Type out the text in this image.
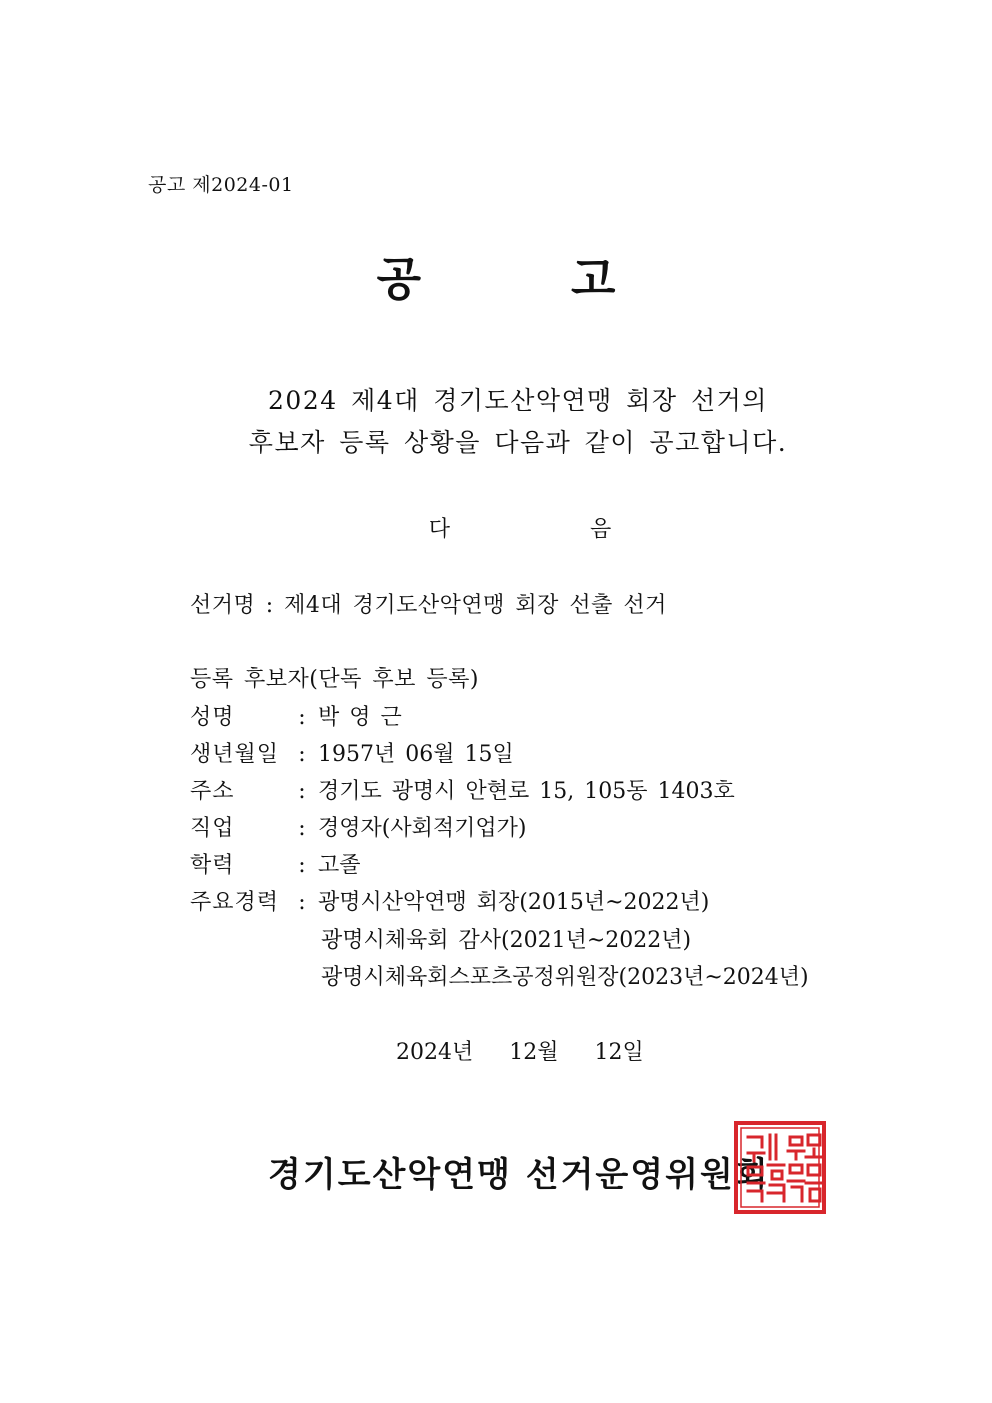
공고 제2024-01
공	고
2024 제4대 경기도산악연맹 회장 선거의
후보자 등록 상황을 다음과 같이 공고합니다.
다	음
선거명 : 제4대 경기도산악연맹 회장 선출 선거
등록 후보자(단독 후보 등록)
성명	: 박 영 근
생년월일 : 1957년 06월 15일
주소	: 경기도 광명시 안현로 15, 105동 1403호
직업	: 경영자(사회적기업가)
학력	: 고졸
주요경력 : 광명시산악연맹 회장(2015년~2022년)
광명시체육회 감사(2021년~2022년)
광명시체육회스포츠공정위원장(2023년~2024년)
2024년 12월 12일
경기도산악연맹 선거운영위원회
